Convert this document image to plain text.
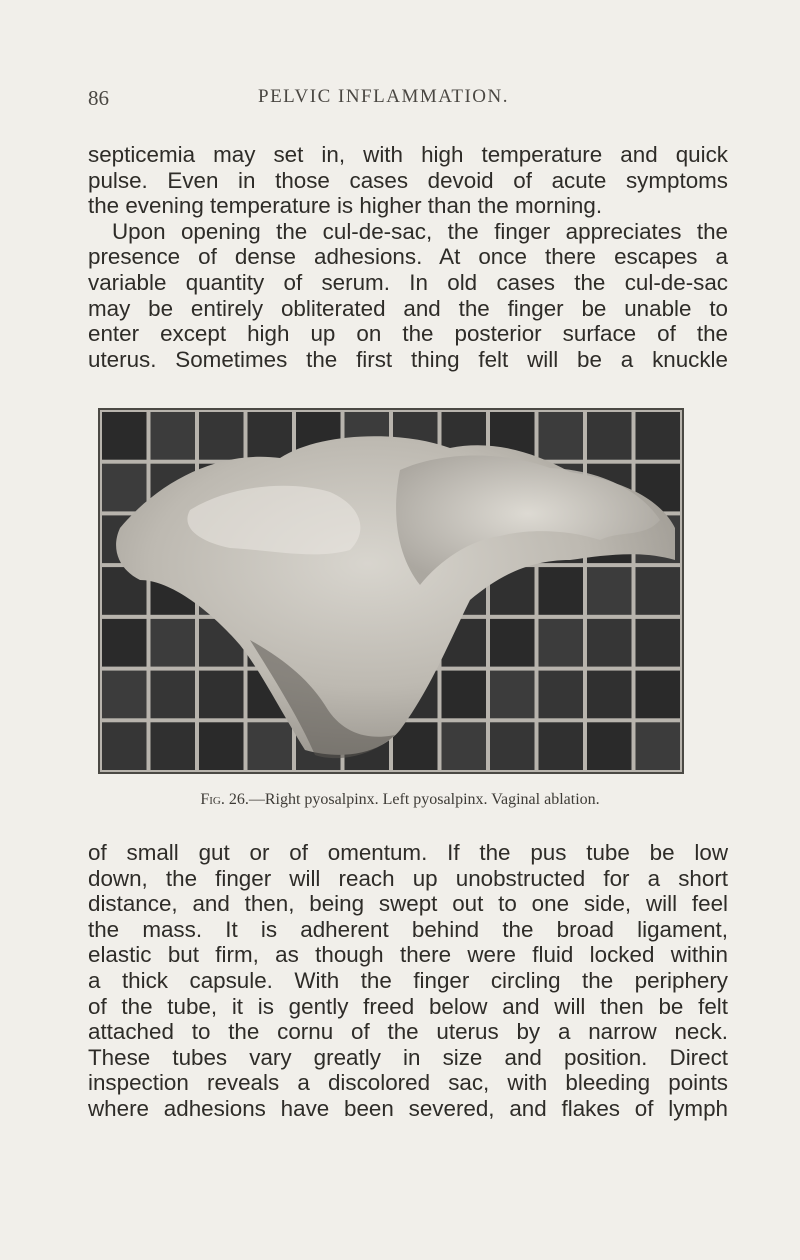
86	PELVIC INFLAMMATION.
septicemia may set in, with high temperature and quick
pulse. Even in those cases devoid of acute symptoms
the evening temperature is higher than the morning.
Upon opening the cul-de-sac, the finger appreciates the
presence of dense adhesions. At once there escapes a
variable quantity of serum. In old cases the cul-de-sac
may be entirely obliterated and the finger be unable to
enter except high up on the posterior surface of the
uterus. Sometimes the first thing felt will be a knuckle
Fig. 26.—Right pyosalpinx. Left pyosalpinx. Vaginal ablation.
of small gut or of omentum. If the pus tube be low
down, the finger will reach up unobstructed for a short
distance, and then, being swept out to one side, will feel
the mass. It is adherent behind the broad ligament,
elastic but firm, as though there were fluid locked within
a thick capsule. With the finger circling the periphery
of the tube, it is gently freed below and will then be felt
attached to the cornu of the uterus by a narrow neck.
These tubes vary greatly in size and position. Direct
inspection reveals a discolored sac, with bleeding points
where adhesions have been severed, and flakes of lymph
